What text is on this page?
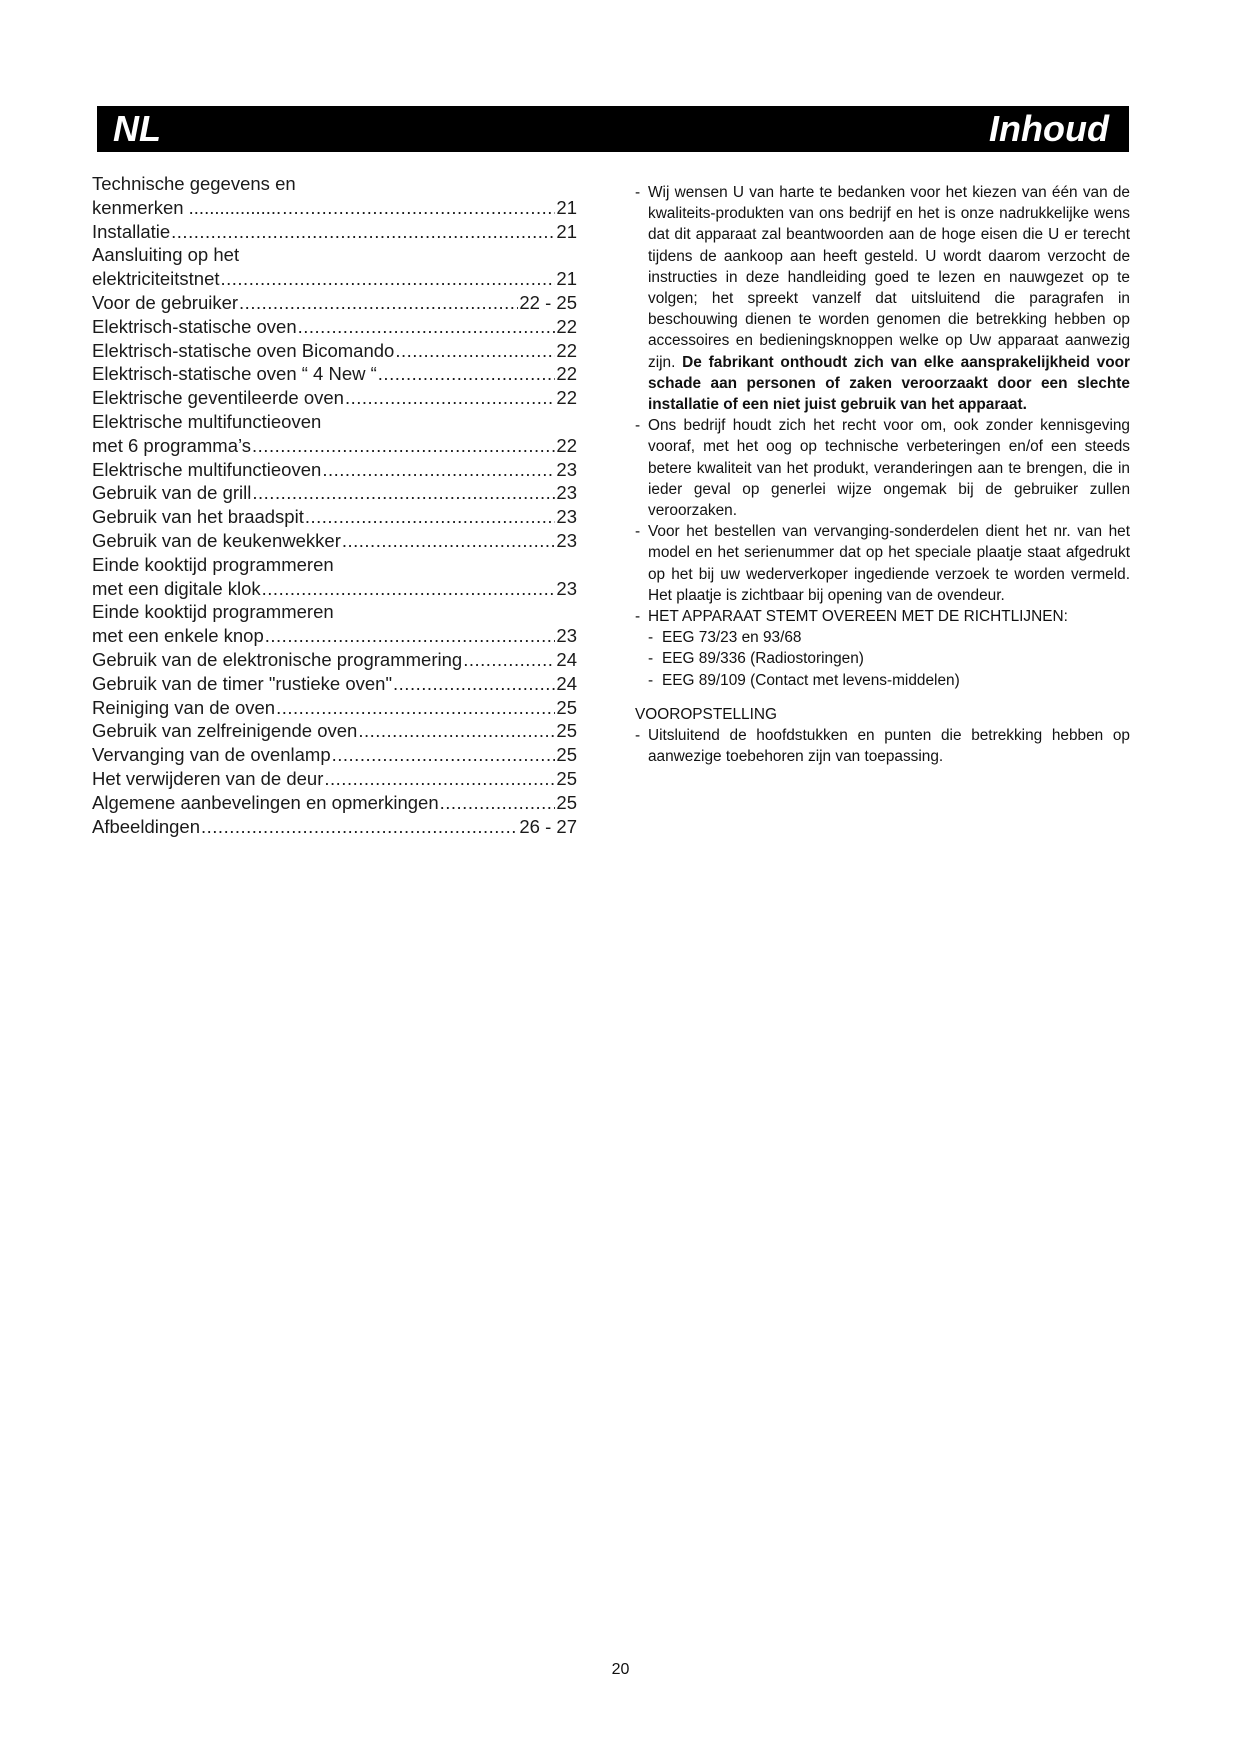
NL	Inhoud
Technische gegevens en
kenmerken .................. .....	21
Installatie .....	21
Aansluiting op het
elektriciteitstnet .....	21
Voor de gebruiker .....	22 - 25
Elektrisch-statische oven .....	22
Elektrisch-statische oven Bicomando .....	22
Elektrisch-statische oven “ 4 New “ .....	22
Elektrische geventileerde oven .....	22
Elektrische multifunctieoven
met 6 programma’s .....	22
Elektrische multifunctieoven .....	23
Gebruik van de grill .....	23
Gebruik van het braadspit .....	23
Gebruik van de keukenwekker .....	23
Einde kooktijd programmeren
met een digitale klok .....	23
Einde kooktijd programmeren
met een enkele knop .....	23
Gebruik van de elektronische programmering .....	24
Gebruik van de timer "rustieke oven" .....	24
Reiniging van de oven .....	25
Gebruik van zelfreinigende oven .....	25
Vervanging van de ovenlamp .....	25
Het verwijderen van de deur .....	25
Algemene aanbevelingen en opmerkingen .....	25
Afbeeldingen .....	26 - 27

- Wij wensen U van harte te bedanken voor het kiezen van één van de kwaliteits-produkten van ons bedrijf en het is onze nadrukkelijke wens dat dit apparaat zal beantwoorden aan de hoge eisen die U er terecht tijdens de aankoop aan heeft gesteld. U wordt daarom verzocht de instructies in deze handleiding goed te lezen en nauwgezet op te volgen; het spreekt vanzelf dat uitsluitend die paragrafen in beschouwing dienen te worden genomen die betrekking hebben op accessoires en bedieningsknoppen welke op Uw apparaat aanwezig zijn. De fabrikant onthoudt zich van elke aansprakelijkheid voor schade aan personen of zaken veroorzaakt door een slechte installatie of een niet juist gebruik van het apparaat.

- Ons bedrijf houdt zich het recht voor om, ook zonder kennisgeving vooraf, met het oog op technische verbeteringen en/of een steeds betere kwaliteit van het produkt, veranderingen aan te brengen, die in ieder geval op generlei wijze ongemak bij de gebruiker zullen veroorzaken.

- Voor het bestellen van vervanging-sonderdelen dient het nr. van het model en het serienummer dat op het speciale plaatje staat afgedrukt op het bij uw wederverkoper ingediende verzoek te worden vermeld. Het plaatje is zichtbaar bij opening van de ovendeur.

- HET APPARAAT STEMT OVEREEN MET DE RICHTLIJNEN:

- EEG 73/23 en 93/68

- EEG 89/336 (Radiostoringen)

- EEG 89/109 (Contact met levens-middelen)

VOOROPSTELLING

- Uitsluitend de hoofdstukken en punten die betrekking hebben op aanwezige toebehoren zijn van toepassing.

20
